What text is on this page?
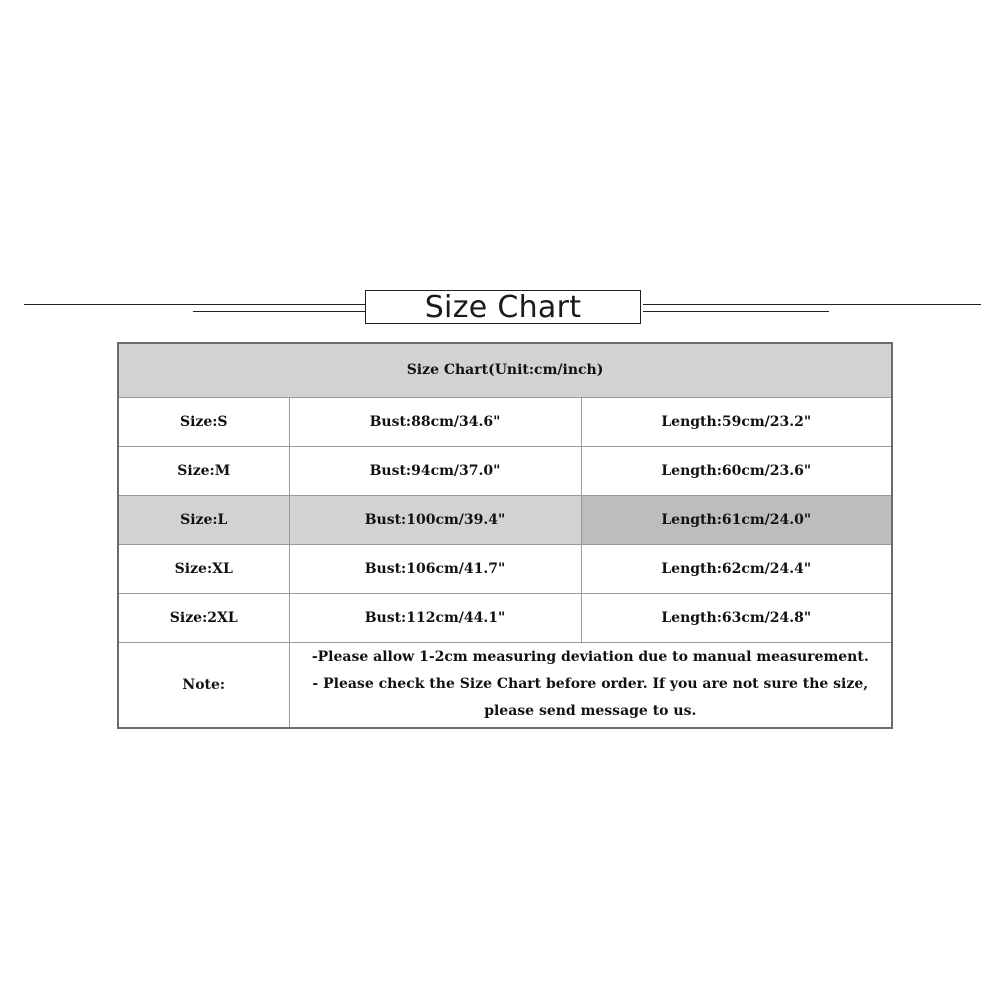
Size Chart
Size Chart(Unit:cm/inch)		
Size:S	Bust:88cm/34.6"	Length:59cm/23.2"
Size:M	Bust:94cm/37.0"	Length:60cm/23.6"
Size:L	Bust:100cm/39.4"	Length:61cm/24.0"
Size:XL	Bust:106cm/41.7"	Length:62cm/24.4"
Size:2XL	Bust:112cm/44.1"	Length:63cm/24.8"
Note:	-Please allow 1-2cm measuring deviation due to manual measurement.
- Please check the Size Chart before order. If you are not sure the size, please send message to us.	
